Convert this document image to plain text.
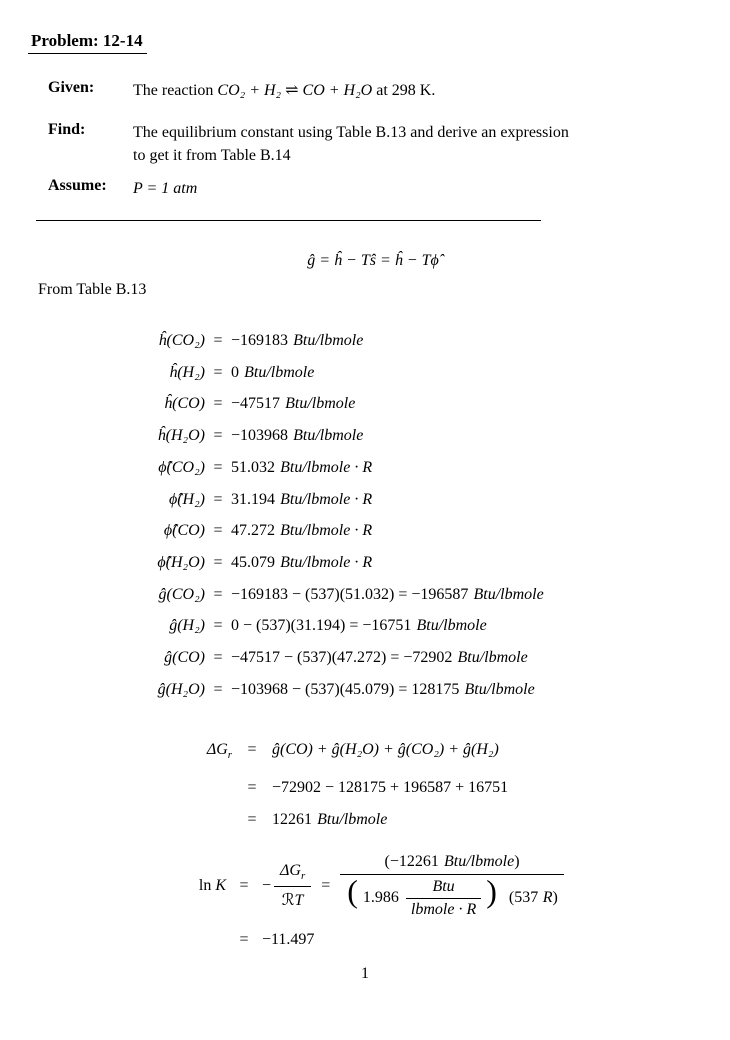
Problem: 12-14
Given:	The reaction CO₂ + H₂ ⇌ CO + H₂O at 298 K.
Find:	The equilibrium constant using Table B.13 and derive an expression
to get it from Table B.14
Assume:	P = 1 atm
ĝ = ĥ − Tŝ = ĥ − Tϕ̂
From Table B.13
ĥ(CO₂) = −169183 Btu/lbmole
ĥ(H₂) = 0 Btu/lbmole
ĥ(CO) = −47517 Btu/lbmole
ĥ(H₂O) = −103968 Btu/lbmole
ϕ̂(CO₂) = 51.032 Btu/lbmole · R
ϕ̂(H₂) = 31.194 Btu/lbmole · R
ϕ̂(CO) = 47.272 Btu/lbmole · R
ϕ̂(H₂O) = 45.079 Btu/lbmole · R
ĝ(CO₂) = −169183 − (537)(51.032) = −196587 Btu/lbmole
ĝ(H₂) = 0 − (537)(31.194) = −16751 Btu/lbmole
ĝ(CO) = −47517 − (537)(47.272) = −72902 Btu/lbmole
ĝ(H₂O) = −103968 − (537)(45.079) = 128175 Btu/lbmole
$\Delta G_r$ = ĝ(CO) + ĝ(H₂O) + ĝ(CO₂) + ĝ(H₂)
= −72902 − 128175 + 196587 + 16751
= 12261 Btu/lbmole
ln K = − $\frac{\Delta G_r}{\text{ℛT}}$ =
(−12261 Btu/lbmole)
( $1.986 \frac{\text{Btu}}{\text{lbmole · R}}$ ) (537 R)
= −11.497
1
